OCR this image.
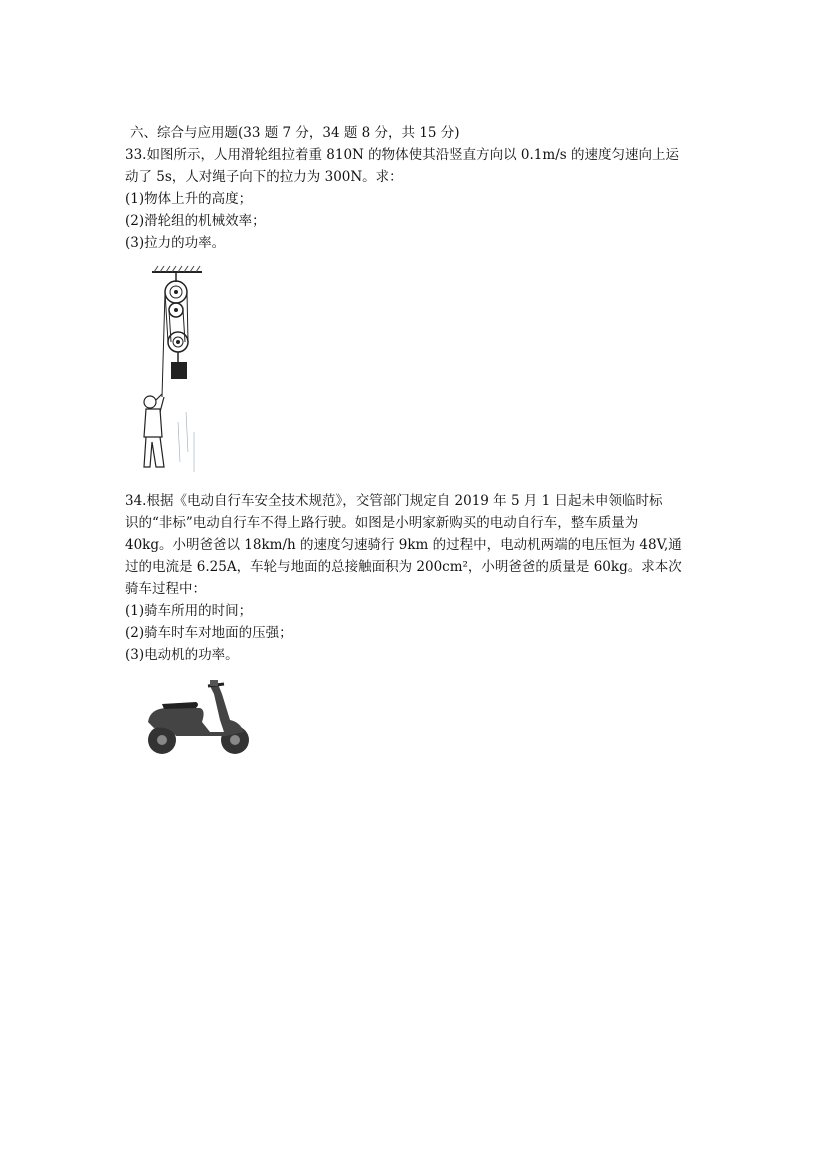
六、综合与应用题(33 题 7 分，34 题 8 分，共 15 分)
33.如图所示，人用滑轮组拉着重 810N 的物体使其沿竖直方向以 0.1m/s 的速度匀速向上运
动了 5s，人对绳子向下的拉力为 300N。求：
(1)物体上升的高度；
(2)滑轮组的机械效率；
(3)拉力的功率。
34.根据《电动自行车安全技术规范》，交管部门规定自 2019 年 5 月 1 日起未申领临时标
识的“非标”电动自行车不得上路行驶。如图是小明家新购买的电动自行车，整车质量为
40kg。小明爸爸以 18km/h 的速度匀速骑行 9km 的过程中，电动机两端的电压恒为 48V,通
过的电流是 6.25A，车轮与地面的总接触面积为 200cm²，小明爸爸的质量是 60kg。求本次
骑车过程中：
(1)骑车所用的时间；
(2)骑车时车对地面的压强；
(3)电动机的功率。
